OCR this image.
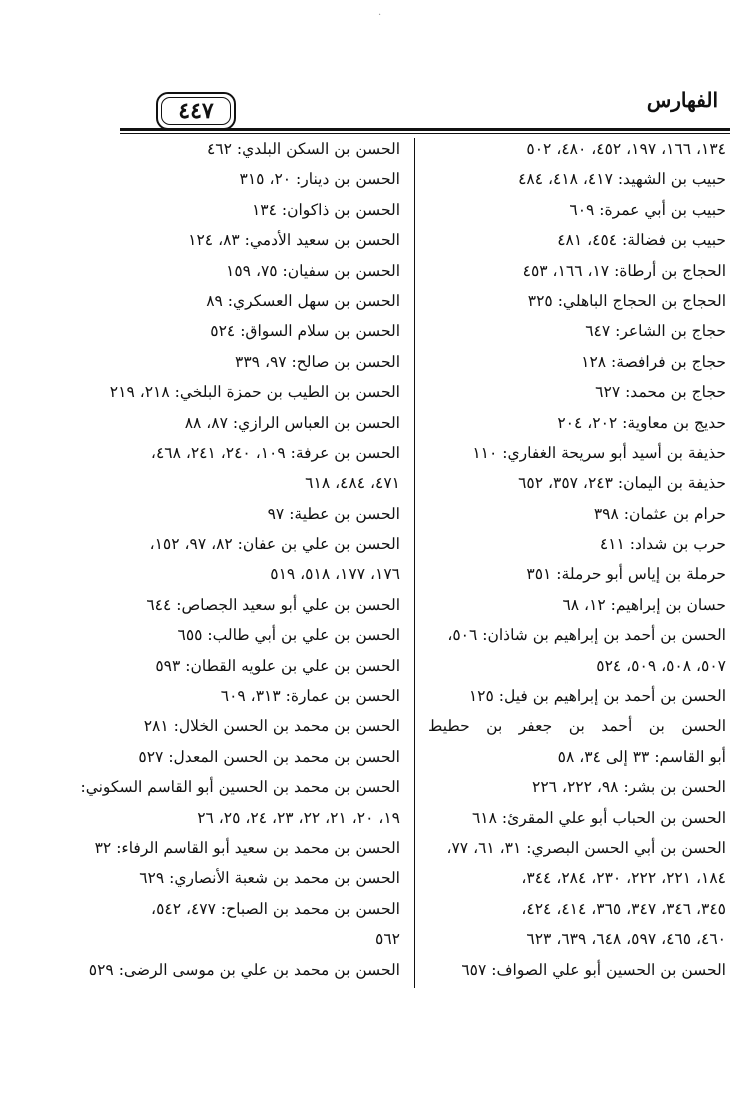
·
الفهارس
٤٤٧
١٣٤، ١٦٦، ١٩٧، ٤٥٢، ٤٨٠، ٥٠٢
حبيب بن الشهيد: ٤١٧، ٤١٨، ٤٨٤
حبيب بن أبي عمرة: ٦٠٩
حبيب بن فضالة: ٤٥٤، ٤٨١
الحجاج بن أرطاة: ١٧، ١٦٦، ٤٥٣
الحجاج بن الحجاج الباهلي: ٣٢٥
حجاج بن الشاعر: ٦٤٧
حجاج بن فرافصة: ١٢٨
حجاج بن محمد: ٦٢٧
حديج بن معاوية: ٢٠٢، ٢٠٤
حذيفة بن أسيد أبو سريحة الغفاري: ١١٠
حذيفة بن اليمان: ٢٤٣، ٣٥٧، ٦٥٢
حرام بن عثمان: ٣٩٨
حرب بن شداد: ٤١١
حرملة بن إياس أبو حرملة: ٣٥١
حسان بن إبراهيم: ١٢، ٦٨
الحسن بن أحمد بن إبراهيم بن شاذان: ٥٠٦،
٥٠٧، ٥٠٨، ٥٠٩، ٥٢٤
الحسن بن أحمد بن إبراهيم بن فيل: ١٢٥
الحسن بن أحمد بن جعفر بن حطيط
أبو القاسم: ٣٣ إلى ٣٤، ٥٨
الحسن بن بشر: ٩٨، ٢٢٢، ٢٢٦
الحسن بن الحباب أبو علي المقرئ: ٦١٨
الحسن بن أبي الحسن البصري: ٣١، ٦١، ٧٧،
١٨٤، ٢٢١، ٢٢٢، ٢٣٠، ٢٨٤، ٣٤٤،
٣٤٥، ٣٤٦، ٣٤٧، ٣٦٥، ٤١٤، ٤٢٤،
٤٦٠، ٤٦٥، ٥٩٧، ٦٤٨، ٦٣٩، ٦٢٣
الحسن بن الحسين أبو علي الصواف: ٦٥٧
الحسن بن السكن البلدي: ٤٦٢
الحسن بن دينار: ٢٠، ٣١٥
الحسن بن ذاكوان: ١٣٤
الحسن بن سعيد الأدمي: ٨٣، ١٢٤
الحسن بن سفيان: ٧٥، ١٥٩
الحسن بن سهل العسكري: ٨٩
الحسن بن سلام السواق: ٥٢٤
الحسن بن صالح: ٩٧، ٣٣٩
الحسن بن الطيب بن حمزة البلخي: ٢١٨، ٢١٩
الحسن بن العباس الرازي: ٨٧، ٨٨
الحسن بن عرفة: ١٠٩، ٢٤٠، ٢٤١، ٤٦٨،
٤٧١، ٤٨٤، ٦١٨
الحسن بن عطية: ٩٧
الحسن بن علي بن عفان: ٨٢، ٩٧، ١٥٢،
١٧٦، ١٧٧، ٥١٨، ٥١٩
الحسن بن علي أبو سعيد الجصاص: ٦٤٤
الحسن بن علي بن أبي طالب: ٦٥٥
الحسن بن علي بن علويه القطان: ٥٩٣
الحسن بن عمارة: ٣١٣، ٦٠٩
الحسن بن محمد بن الحسن الخلال: ٢٨١
الحسن بن محمد بن الحسن المعدل: ٥٢٧
الحسن بن محمد بن الحسين أبو القاسم السكوني:
١٩، ٢٠، ٢١، ٢٢، ٢٣، ٢٤، ٢٥، ٢٦
الحسن بن محمد بن سعيد أبو القاسم الرفاء: ٣٢
الحسن بن محمد بن شعبة الأنصاري: ٦٢٩
الحسن بن محمد بن الصباح: ٤٧٧، ٥٤٢،
٥٦٢
الحسن بن محمد بن علي بن موسى الرضى: ٥٢٩
